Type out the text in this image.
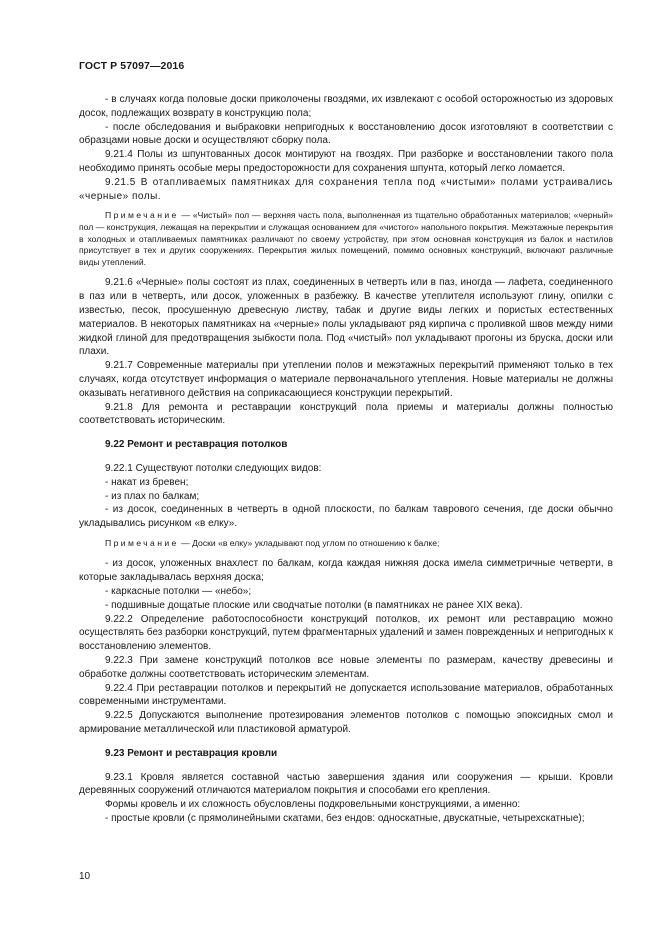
ГОСТ Р 57097—2016

- в случаях когда половые доски приколочены гвоздями, их извлекают с особой осторожностью из здоровых досок, подлежащих возврату в конструкцию пола;

- после обследования и выбраковки непригодных к восстановлению досок изготовляют в соответствии с образцами новые доски и осуществляют сборку пола.

9.21.4 Полы из шпунтованных досок монтируют на гвоздях. При разборке и восстановлении такого пола необходимо принять особые меры предосторожности для сохранения шпунта, который легко ломается.

9.21.5 В отапливаемых памятниках для сохранения тепла под «чистыми» полами устраивались «черные» полы.

Примечание — «Чистый» пол — верхняя часть пола, выполненная из тщательно обработанных материалов; «черный» пол — конструкция, лежащая на перекрытии и служащая основанием для «чистого» напольного покрытия. Межэтажные перекрытия в холодных и отапливаемых памятниках различают по своему устройству, при этом основная конструкция из балок и настилов присутствует в тех и других сооружениях. Перекрытия жилых помещений, помимо основных конструкций, включают различные виды утеплений.

9.21.6 «Черные» полы состоят из плах, соединенных в четверть или в паз, иногда — лафета, соединенного в паз или в четверть, или досок, уложенных в разбежку. В качестве утеплителя используют глину, опилки с известью, песок, просушенную древесную листву, табак и другие виды легких и пористых естественных материалов. В некоторых памятниках на «черные» полы укладывают ряд кирпича с проливкой швов между ними жидкой глиной для предотвращения зыбкости пола. Под «чистый» пол укладывают прогоны из бруска, доски или плахи.

9.21.7 Современные материалы при утеплении полов и межэтажных перекрытий применяют только в тех случаях, когда отсутствует информация о материале первоначального утепления. Новые материалы не должны оказывать негативного действия на соприкасающиеся конструкции перекрытий.

9.21.8 Для ремонта и реставрации конструкций пола приемы и материалы должны полностью соответствовать историческим.

9.22 Ремонт и реставрация потолков

9.22.1 Существуют потолки следующих видов:

- накат из бревен;

- из плах по балкам;

- из досок, соединенных в четверть в одной плоскости, по балкам таврового сечения, где доски обычно укладывались рисунком «в елку».

Примечание — Доски «в елку» укладывают под углом по отношению к балке;

- из досок, уложенных внахлест по балкам, когда каждая нижняя доска имела симметричные четверти, в которые закладывалась верхняя доска;

- каркасные потолки — «небо»;

- подшивные дощатые плоские или сводчатые потолки (в памятниках не ранее XIX века).

9.22.2 Определение работоспособности конструкций потолков, их ремонт или реставрацию можно осуществлять без разборки конструкций, путем фрагментарных удалений и замен поврежденных и непригодных к восстановлению элементов.

9.22.3 При замене конструкций потолков все новые элементы по размерам, качеству древесины и обработке должны соответствовать историческим элементам.

9.22.4 При реставрации потолков и перекрытий не допускается использование материалов, обработанных современными инструментами.

9.22.5 Допускаются выполнение протезирования элементов потолков с помощью эпоксидных смол и армирование металлической или пластиковой арматурой.

9.23 Ремонт и реставрация кровли

9.23.1 Кровля является составной частью завершения здания или сооружения — крыши. Кровли деревянных сооружений отличаются материалом покрытия и способами его крепления.

Формы кровель и их сложность обусловлены подкровельными конструкциями, а именно:

- простые кровли (с прямолинейными скатами, без ендов: односкатные, двускатные, четырехскатные);

10
